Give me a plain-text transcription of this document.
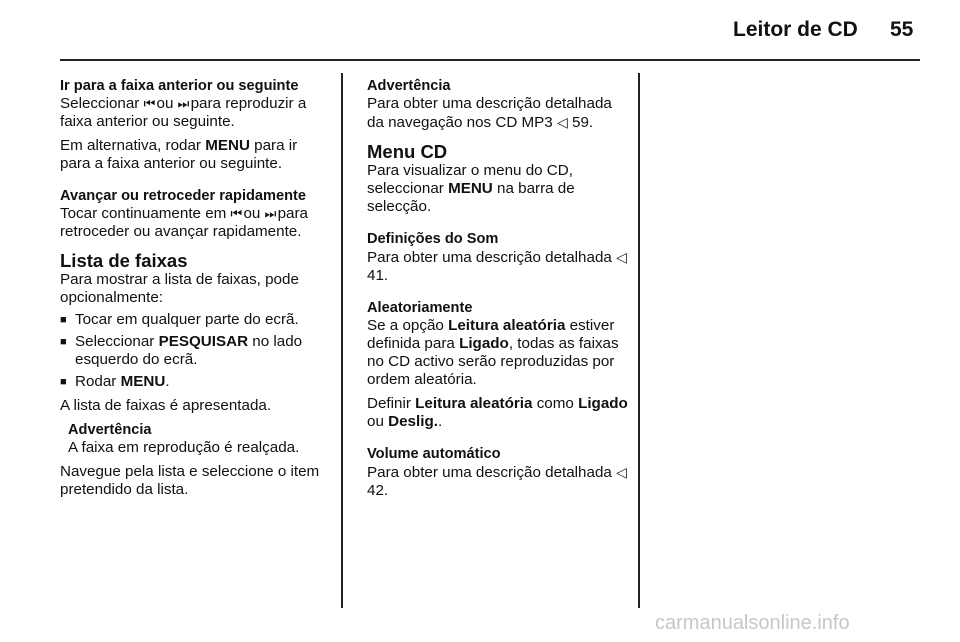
Leitor de CD 55

Ir para a faixa anterior ou seguinte

Seleccionar ⏮ ou ⏭ para reproduzir a faixa anterior ou seguinte.

Em alternativa, rodar MENU para ir para a faixa anterior ou seguinte.

Avançar ou retroceder rapidamente

Tocar continuamente em ⏮ ou ⏭ para retroceder ou avançar rapidamente.

Lista de faixas

Para mostrar a lista de faixas, pode opcionalmente:

■ Tocar em qualquer parte do ecrã.
■ Seleccionar PESQUISAR no lado esquerdo do ecrã.
■ Rodar MENU.

A lista de faixas é apresentada.

Advertência

A faixa em reprodução é realçada.

Navegue pela lista e seleccione o item pretendido da lista.

Advertência

Para obter uma descrição detalhada da navegação nos CD MP3 ◁ 59.

Menu CD

Para visualizar o menu do CD, seleccionar MENU na barra de selecção.

Definições do Som

Para obter uma descrição detalhada ◁ 41.

Aleatoriamente

Se a opção Leitura aleatória estiver definida para Ligado, todas as faixas no CD activo serão reproduzidas por ordem aleatória.

Definir Leitura aleatória como Ligado ou Deslig..

Volume automático

Para obter uma descrição detalhada ◁ 42.

carmanualsonline.info
